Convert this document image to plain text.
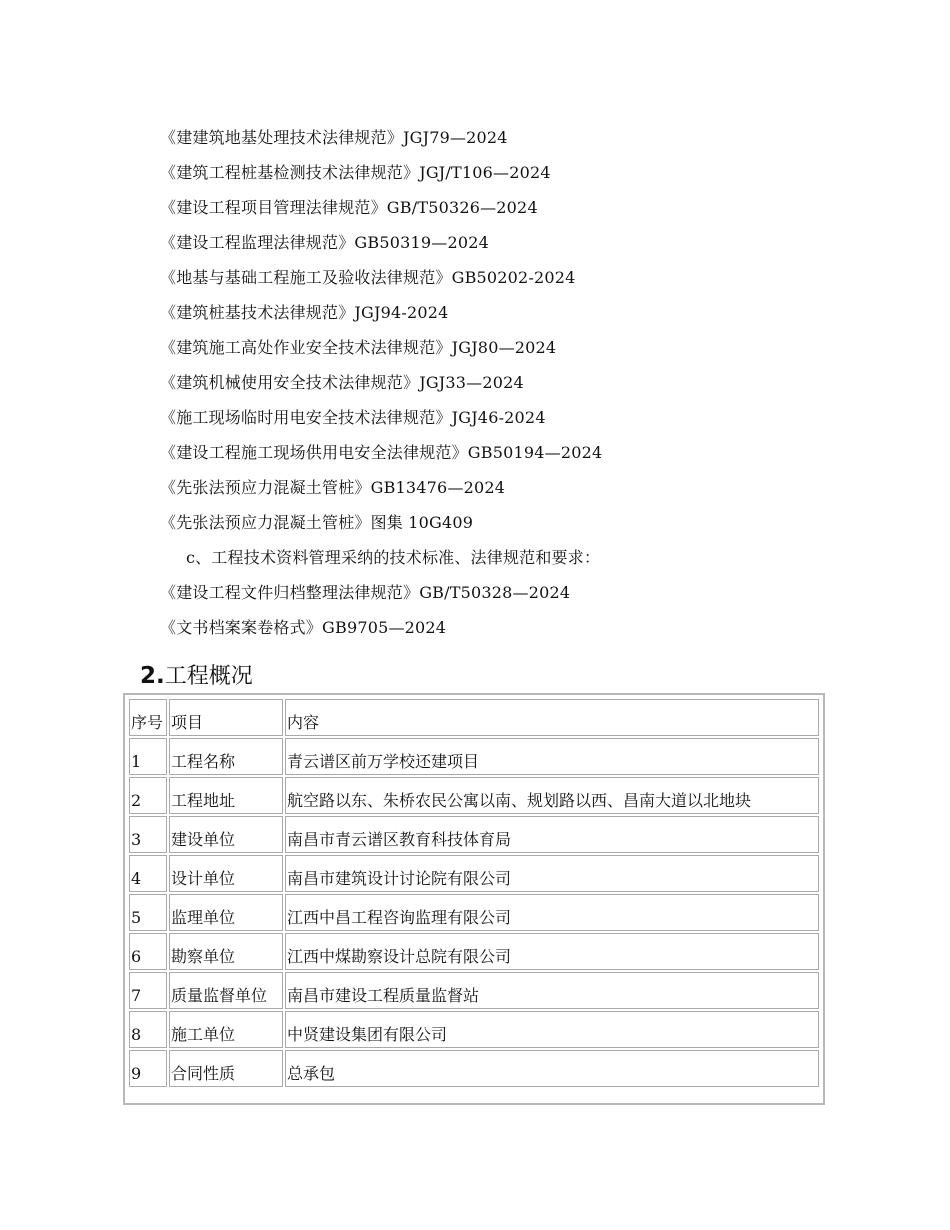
《建建筑地基处理技术法律规范》JGJ79—2024
《建筑工程桩基检测技术法律规范》JGJ/T106—2024
《建设工程项目管理法律规范》GB/T50326—2024
《建设工程监理法律规范》GB50319—2024
《地基与基础工程施工及验收法律规范》GB50202-2024
《建筑桩基技术法律规范》JGJ94-2024
《建筑施工高处作业安全技术法律规范》JGJ80—2024
《建筑机械使用安全技术法律规范》JGJ33—2024
《施工现场临时用电安全技术法律规范》JGJ46-2024
《建设工程施工现场供用电安全法律规范》GB50194—2024
《先张法预应力混凝土管桩》GB13476—2024
《先张法预应力混凝土管桩》图集 10G409
c、工程技术资料管理采纳的技术标准、法律规范和要求：
《建设工程文件归档整理法律规范》GB/T50328—2024
《文书档案案卷格式》GB9705—2024
2.工程概况
序号	项目	内容
1	工程名称	青云谱区前万学校还建项目
2	工程地址	航空路以东、朱桥农民公寓以南、规划路以西、昌南大道以北地块
3	建设单位	南昌市青云谱区教育科技体育局
4	设计单位	南昌市建筑设计讨论院有限公司
5	监理单位	江西中昌工程咨询监理有限公司
6	勘察单位	江西中煤勘察设计总院有限公司
7	质量监督单位	南昌市建设工程质量监督站
8	施工单位	中贤建设集团有限公司
9	合同性质	总承包
